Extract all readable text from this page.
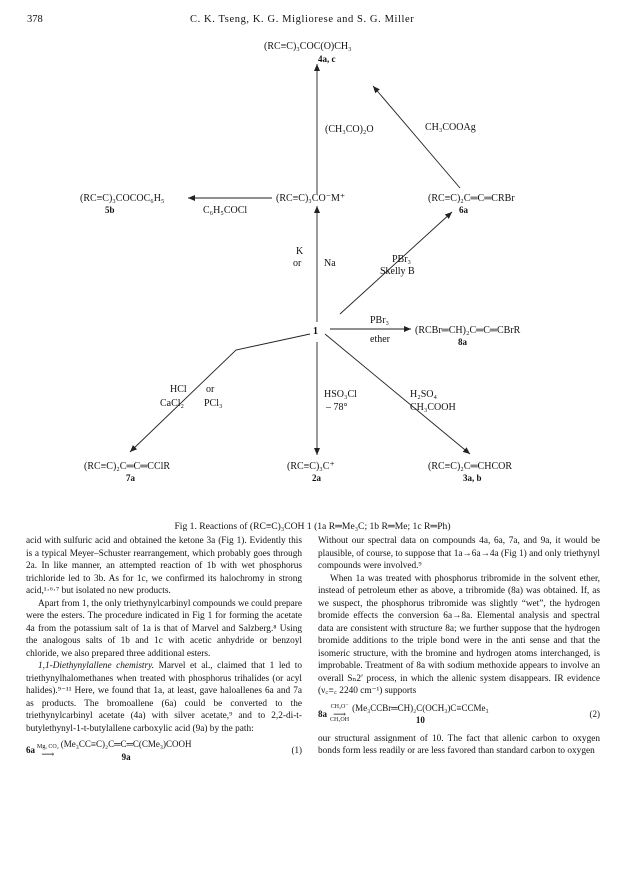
378	C. K. Tseng, K. G. Migliorese and S. G. Miller
(RC≡C)₃COC(O)CH₃
4a, c
(CH₃CO)₂O	CH₃COOAg
(RC≡C)₃COCOC₆H₅
5b	C₆H₅COCl
(RC≡C)₃CO⁻M⁺	(RC≡C)₂C═C═CRBr
6a
K
or Na	PBr₃
Skelly B
1
PBr₃
ether
(RCBr═CH)₂C═C═CBrR
8a
HCl
CaCl₂
or
PCl₃
HSO₃Cl
– 78°
H₂SO₄
CH₃COOH
(RC≡C)₂C═C═CClR
7a
(RC≡C)₃C⁺
2a
(RC≡C)₂C═CHCOR
3a, b
Fig 1. Reactions of (RC≡C)₃COH 1 (1a R═Me₃C; 1b R═Me; 1c R═Ph)

acid with sulfuric acid and obtained the ketone 3a (Fig 1). Evidently this is a typical Meyer–Schuster rearrangement, which probably goes through 2a. In like manner, an attempted reaction of 1b with wet phosphorus trichloride led to 3b. As for 1c, we confirmed its halochromy in strong acid,¹·⁶·⁷ but isolated no new products.

Apart from 1, the only triethynylcarbinyl compounds we could prepare were the esters. The procedure indicated in Fig 1 for forming the acetate 4a from the potassium salt of 1a is that of Marvel and Salzberg.⁸ Using the analogous salts of 1b and 1c with acetic anhydride or benzoyl chloride, we also prepared three additional esters.

1,1-Diethynylallene chemistry. Marvel et al., claimed that 1 led to triethynylhalomethanes when treated with phosphorus trihalides (or acyl halides).⁹⁻¹¹ Here, we found that 1a, at least, gave haloallenes 6a and 7a as products. The bromoallene (6a) could be converted to the triethynylcarbinyl acetate (4a) with silver acetate,⁹ and to 2,2-di-t-butylethynyl-1-t-butylallene carboxylic acid (9a) by the path:

6a Mg, CO₂
⟶
(Me₃CC≡C)₂C═C═C(CMe₃)COOH
9a
(1)

Without our spectral data on compounds 4a, 6a, 7a, and 9a, it would be plausible, of course, to suppose that 1a→6a→4a (Fig 1) and only triethynyl compounds were involved.⁹

When 1a was treated with phosphorus tribromide in the solvent ether, instead of petroleum ether as above, a tribromide (8a) was obtained. If, as we suspect, the phosphorus tribromide was slightly “wet”, the hydrogen bromide effects the conversion 6a→8a. Elemental analysis and spectral data are consistent with structure 8a; we further suppose that the hydrogen bromide additions to the triple bond were in the anti sense and that the isomeric structure, with the bromine and hydrogen atoms interchanged, is improbable. Treatment of 8a with sodium methoxide appears to involve an overall Sₙ2′ process, in which the allenic system disappears. IR evidence (ν꜀≡꜀ 2240 cm⁻¹) supports

8a
CH₃O⁻
⟶
CH₃OH
(Me₃CCBr═CH)₂C(OCH₃)C≡CCMe₃
10
(2)

our structural assignment of 10. The fact that allenic carbon to oxygen bonds form less readily or are less favored than standard carbon to oxygen
